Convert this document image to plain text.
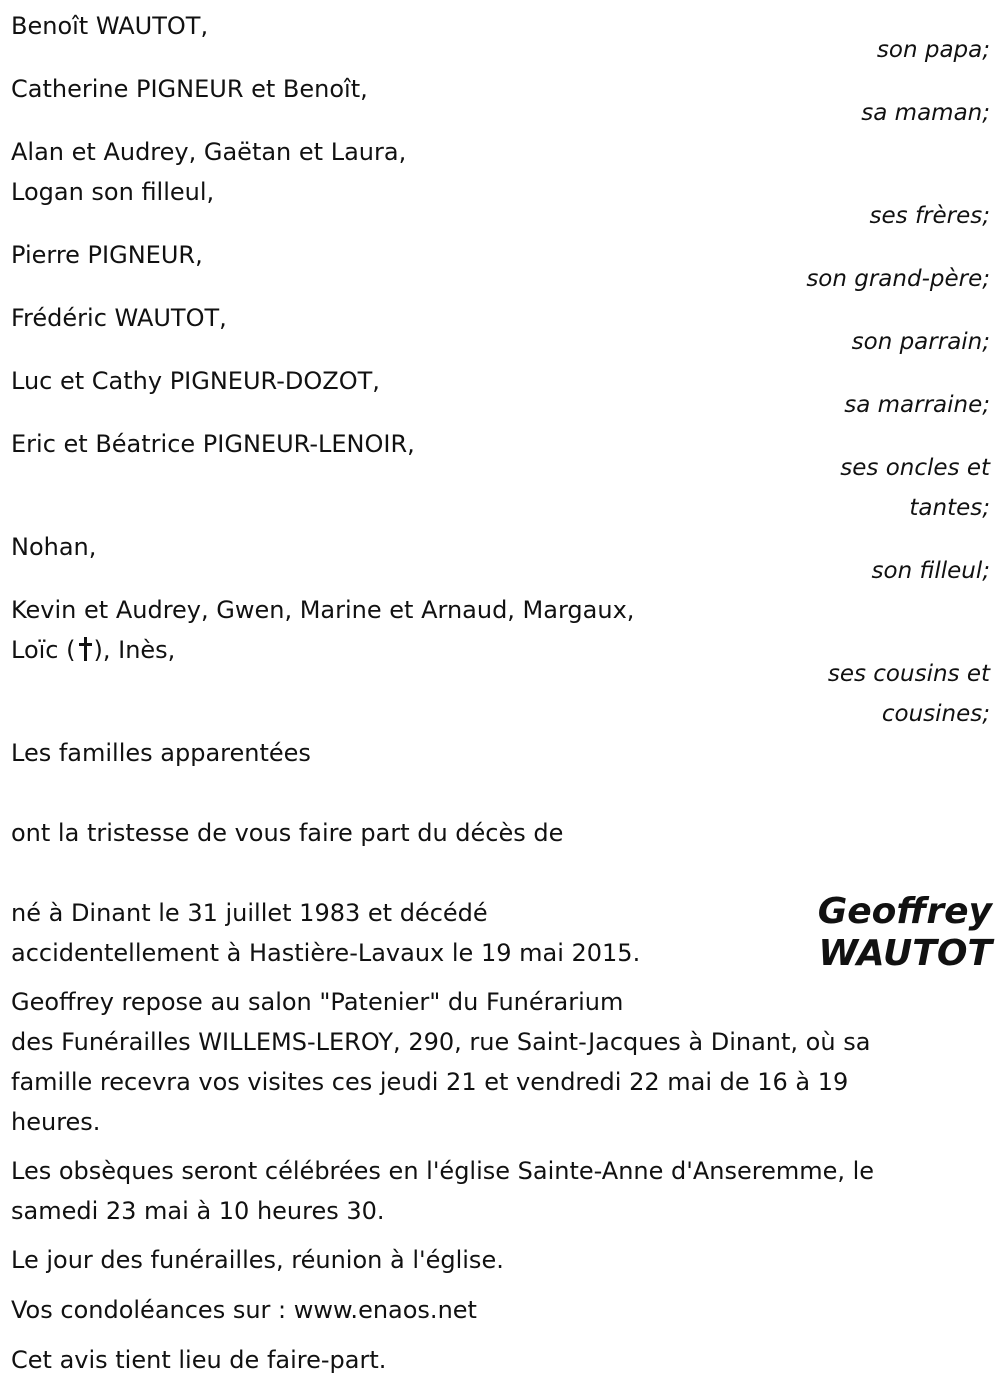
Benoît WAUTOT,
son papa;
Catherine PIGNEUR et Benoît,
sa maman;
Alan et Audrey, Gaëtan et Laura,
Logan son filleul,
ses frères;
Pierre PIGNEUR,
son grand-père;
Frédéric WAUTOT,
son parrain;
Luc et Cathy PIGNEUR-DOZOT,
sa marraine;
Eric et Béatrice PIGNEUR-LENOIR,
ses oncles et
tantes;
Nohan,
son filleul;
Kevin et Audrey, Gwen, Marine et Arnaud, Margaux,
Loïc ( ), Inès,
ses cousins et
cousines;
Les familles apparentées
ont la tristesse de vous faire part du décès de
Geoffrey
WAUTOT
né à Dinant le 31 juillet 1983 et décédé
accidentellement à Hastière-Lavaux le 19 mai 2015.
Geoffrey repose au salon "Patenier" du Funérarium
des Funérailles WILLEMS-LEROY, 290, rue Saint-Jacques à Dinant, où sa
famille recevra vos visites ces jeudi 21 et vendredi 22 mai de 16 à 19
heures.
Les obsèques seront célébrées en l'église Sainte-Anne d'Anseremme, le
samedi 23 mai à 10 heures 30.
Le jour des funérailles, réunion à l'église.
Vos condoléances sur : www.enaos.net
Cet avis tient lieu de faire-part.
